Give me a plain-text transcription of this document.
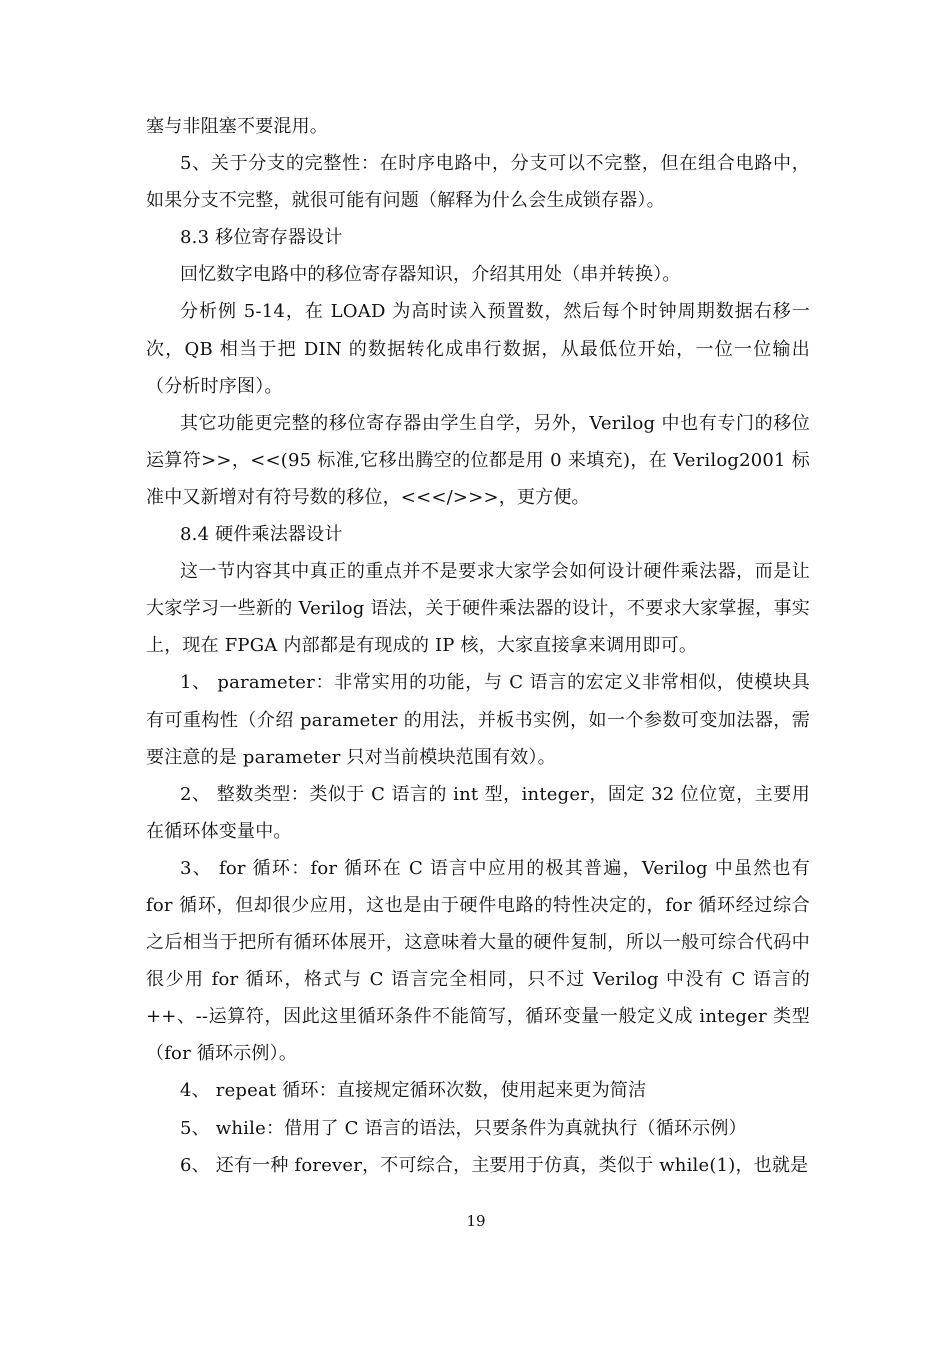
塞与非阻塞不要混用。

5、关于分支的完整性：在时序电路中，分支可以不完整，但在组合电路中，如果分支不完整，就很可能有问题（解释为什么会生成锁存器）。

8.3 移位寄存器设计

回忆数字电路中的移位寄存器知识，介绍其用处（串并转换）。

分析例 5-14，在 LOAD 为高时读入预置数，然后每个时钟周期数据右移一次，QB 相当于把 DIN 的数据转化成串行数据，从最低位开始，一位一位输出（分析时序图）。

其它功能更完整的移位寄存器由学生自学，另外，Verilog 中也有专门的移位运算符>>，<<(95 标准,它移出腾空的位都是用 0 来填充)，在 Verilog2001 标准中又新增对有符号数的移位，<<</>>>，更方便。

8.4 硬件乘法器设计

这一节内容其中真正的重点并不是要求大家学会如何设计硬件乘法器，而是让大家学习一些新的 Verilog 语法，关于硬件乘法器的设计，不要求大家掌握，事实上，现在 FPGA 内部都是有现成的 IP 核，大家直接拿来调用即可。

1、 parameter：非常实用的功能，与 C 语言的宏定义非常相似，使模块具有可重构性（介绍 parameter 的用法，并板书实例，如一个参数可变加法器，需要注意的是 parameter 只对当前模块范围有效）。

2、 整数类型：类似于 C 语言的 int 型，integer，固定 32 位位宽，主要用在循环体变量中。

3、 for 循环：for 循环在 C 语言中应用的极其普遍，Verilog 中虽然也有 for 循环，但却很少应用，这也是由于硬件电路的特性决定的，for 循环经过综合之后相当于把所有循环体展开，这意味着大量的硬件复制，所以一般可综合代码中很少用 for 循环，格式与 C 语言完全相同，只不过 Verilog 中没有 C 语言的++、--运算符，因此这里循环条件不能简写，循环变量一般定义成 integer 类型（for 循环示例）。

4、 repeat 循环：直接规定循环次数，使用起来更为简洁

5、 while：借用了 C 语言的语法，只要条件为真就执行（循环示例）

6、 还有一种 forever，不可综合，主要用于仿真，类似于 while(1)，也就是

19
